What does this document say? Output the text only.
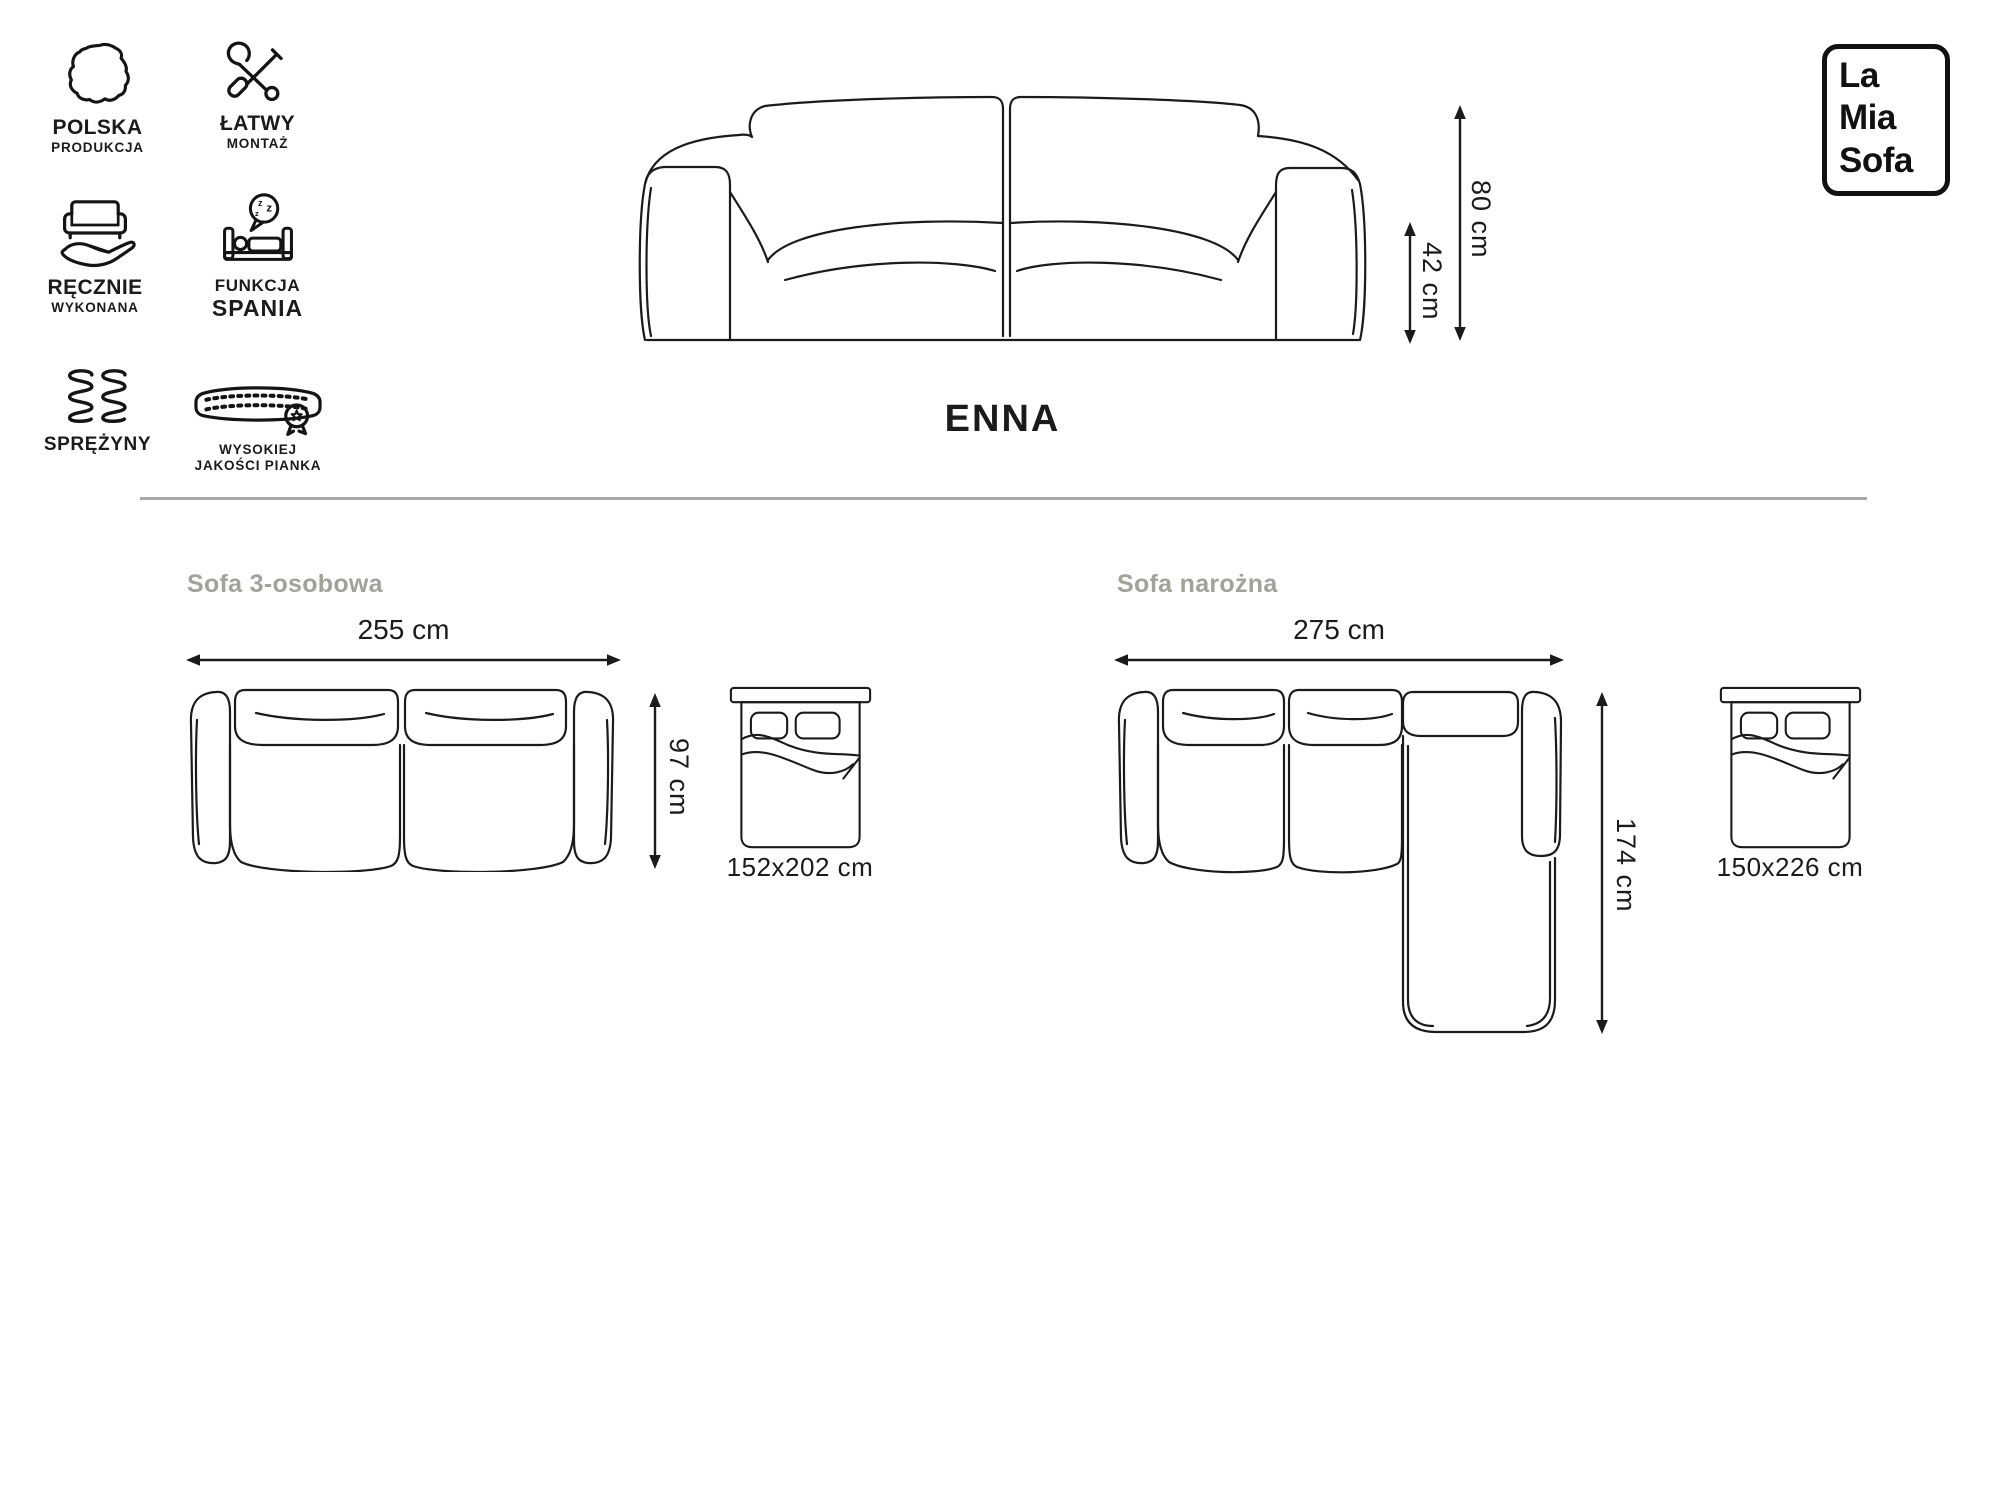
POLSKA
PRODUKCJA
ŁATWY
MONTAŻ
RĘCZNIE
WYKONANA
z z
z
FUNKCJA
SPANIA
SPRĘŻYNY	WYSOKIEJ
JAKOŚCI PIANKA
La
Mia
Sofa
80 cm
42 cm
ENNA
Sofa 3-osobowa
255 cm
97 cm
152x202 cm
Sofa narożna
275 cm
174 cm	150x226 cm
